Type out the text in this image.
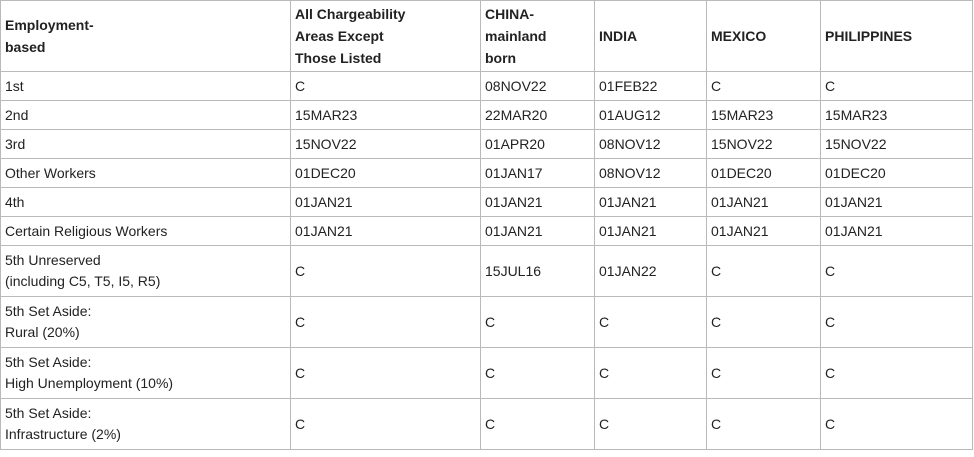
Employment-
based	All Chargeability
Areas Except
Those Listed	CHINA-
mainland
born	INDIA	MEXICO	PHILIPPINES

1st	C	08NOV22	01FEB22	C	C

2nd	15MAR23	22MAR20	01AUG12	15MAR23	15MAR23

3rd	15NOV22	01APR20	08NOV12	15NOV22	15NOV22

Other Workers	01DEC20	01JAN17	08NOV12	01DEC20	01DEC20

4th	01JAN21	01JAN21	01JAN21	01JAN21	01JAN21

Certain Religious Workers	01JAN21	01JAN21	01JAN21	01JAN21	01JAN21

5th Unreserved
(including C5, T5, I5, R5)	C	15JUL16	01JAN22	C	C

5th Set Aside:
Rural (20%)	C	C	C	C	C

5th Set Aside:
High Unemployment (10%)	C	C	C	C	C

5th Set Aside:
Infrastructure (2%)	C	C	C	C	C
